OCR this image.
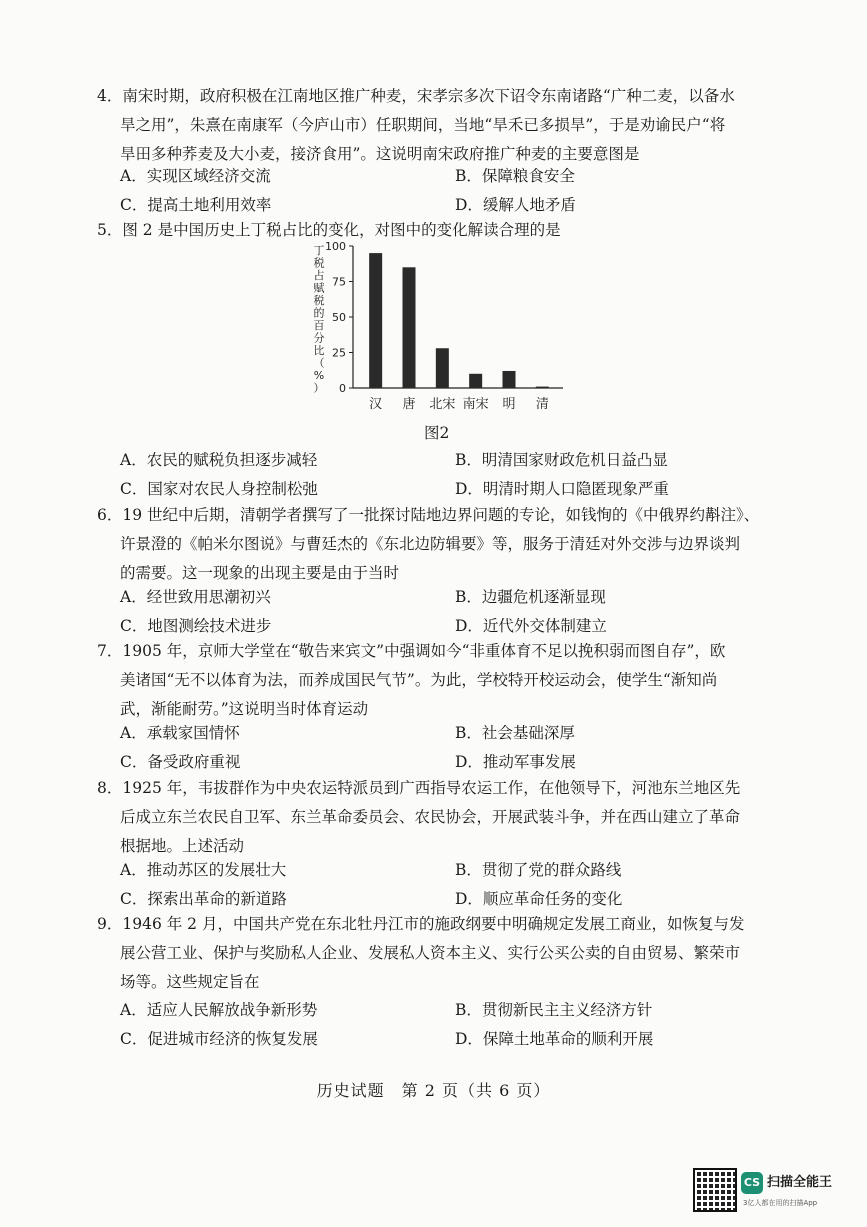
4．南宋时期，政府积极在江南地区推广种麦，宋孝宗多次下诏令东南诸路“广种二麦，以备水
旱之用”，朱熹在南康军（今庐山市）任职期间，当地“旱禾已多损旱”，于是劝谕民户“将
旱田多种荞麦及大小麦，接济食用”。这说明南宋政府推广种麦的主要意图是
A．实现区域经济交流	B．保障粮食安全
C．提高土地利用效率	D．缓解人地矛盾
5．图 2 是中国历史上丁税占比的变化，对图中的变化解读合理的是
0
25
50
75
100
丁
税
占
赋
税
的
百
分
比
（
%
）
汉 唐 北宋 南宋 明 清
图2
A．农民的赋税负担逐步减轻	B．明清国家财政危机日益凸显
C．国家对农民人身控制松弛	D．明清时期人口隐匿现象严重
6．19 世纪中后期，清朝学者撰写了一批探讨陆地边界问题的专论，如钱恂的《中俄界约斠注》、
许景澄的《帕米尔图说》与曹廷杰的《东北边防辑要》等，服务于清廷对外交涉与边界谈判
的需要。这一现象的出现主要是由于当时
A．经世致用思潮初兴	B．边疆危机逐渐显现
C．地图测绘技术进步	D．近代外交体制建立
7．1905 年，京师大学堂在“敬告来宾文”中强调如今“非重体育不足以挽积弱而图自存”，欧
美诸国“无不以体育为法，而养成国民气节”。为此，学校特开校运动会，使学生“渐知尚
武，渐能耐劳。”这说明当时体育运动
A．承载家国情怀	B．社会基础深厚
C．备受政府重视	D．推动军事发展
8．1925 年，韦拔群作为中央农运特派员到广西指导农运工作，在他领导下，河池东兰地区先
后成立东兰农民自卫军、东兰革命委员会、农民协会，开展武装斗争，并在西山建立了革命
根据地。上述活动
A．推动苏区的发展壮大	B．贯彻了党的群众路线
C．探索出革命的新道路	D．顺应革命任务的变化
9．1946 年 2 月，中国共产党在东北牡丹江市的施政纲要中明确规定发展工商业，如恢复与发
展公营工业、保护与奖励私人企业、发展私人资本主义、实行公买公卖的自由贸易、繁荣市
场等。这些规定旨在
A．适应人民解放战争新形势	B．贯彻新民主主义经济方针
C．促进城市经济的恢复发展	D．保障土地革命的顺利开展
历史试题　第 2 页（共 6 页）
CS 扫描全能王
3亿人都在用的扫描App
